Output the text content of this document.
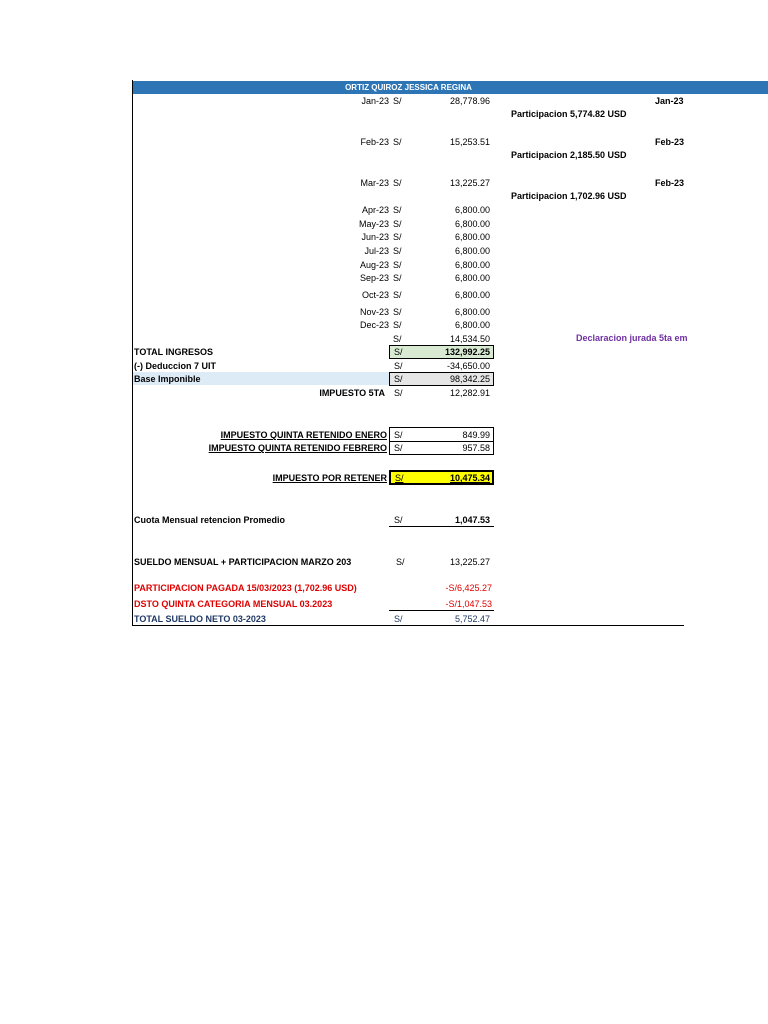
ORTIZ QUIROZ JESSICA REGINA
Jan-23 S/	28,778.96
Feb-23 S/	15,253.51
Mar-23 S/	13,225.27
Apr-23 S/	6,800.00
May-23 S/	6,800.00
Jun-23 S/	6,800.00
Jul-23 S/	6,800.00
Aug-23 S/	6,800.00
Sep-23 S/	6,800.00
Oct-23 S/	6,800.00
Nov-23 S/	6,800.00
Dec-23 S/	6,800.00
S/	14,534.50
Jan-23
Participacion 5,774.82 USD
Feb-23
Participacion 2,185.50 USD
Feb-23
Participacion 1,702.96 USD
Declaracion jurada 5ta em
TOTAL INGRESOS	S/	132,992.25
(-) Deduccion 7 UIT	S/	-34,650.00
Base Imponible	S/	98,342.25
IMPUESTO 5TA S/	12,282.91
IMPUESTO QUINTA RETENIDO ENERO S/	849.99
IMPUESTO QUINTA RETENIDO FEBRERO S/	957.58
IMPUESTO POR RETENER S/	10,475.34
Cuota Mensual retencion Promedio	S/	1,047.53
SUELDO MENSUAL + PARTICIPACION MARZO 203	S/	13,225.27
PARTICIPACION PAGADA 15/03/2023 (1,702.96 USD)	-S/6,425.27
DSTO QUINTA CATEGORIA MENSUAL 03.2023	-S/1,047.53
TOTAL SUELDO NETO 03-2023	S/	5,752.47
